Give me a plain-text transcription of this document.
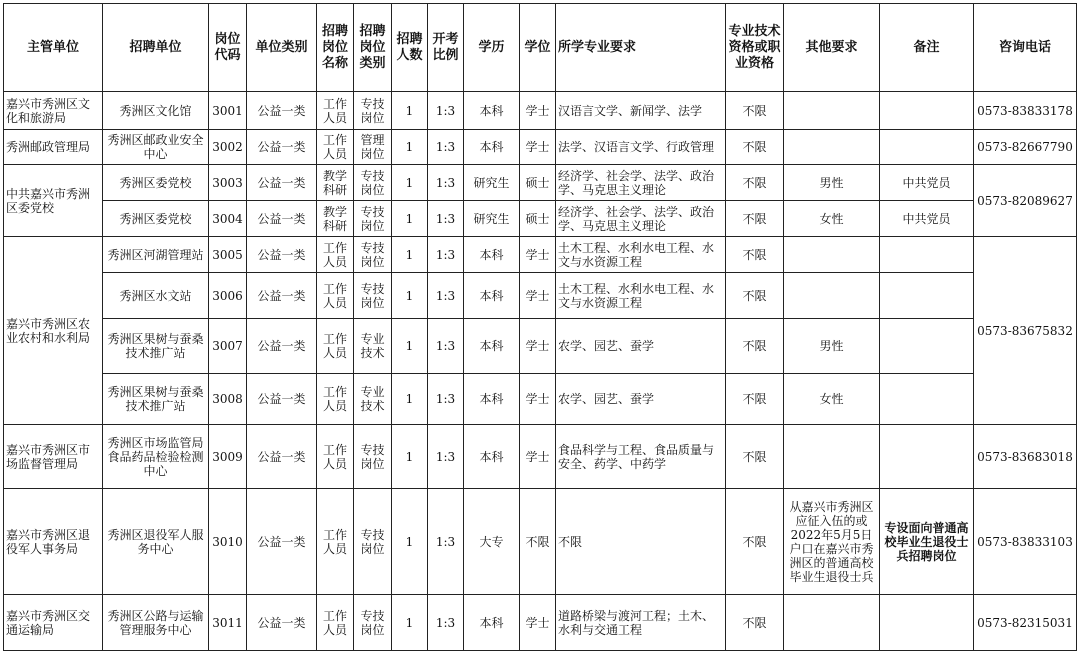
主管单位	招聘单位	岗位代码	单位类别	招聘岗位名称	招聘岗位类别	招聘人数	开考比例	学历	学位	所学专业要求	专业技术资格或职业资格	其他要求	备注	咨询电话
嘉兴市秀洲区文化和旅游局	秀洲区文化馆	3001	公益一类	工作人员	专技岗位	1	1:3	本科	学士	汉语言文学、新闻学、法学	不限			0573-83833178
秀洲邮政管理局	秀洲区邮政业安全中心	3002	公益一类	工作人员	管理岗位	1	1:3	本科	学士	法学、汉语言文学、行政管理	不限			0573-82667790
中共嘉兴市秀洲区委党校	秀洲区委党校	3003	公益一类	教学科研	专技岗位	1	1:3	研究生	硕士	经济学、社会学、法学、政治学、马克思主义理论	不限	男性	中共党员	0573-82089627
	秀洲区委党校	3004	公益一类	教学科研	专技岗位	1	1:3	研究生	硕士	经济学、社会学、法学、政治学、马克思主义理论	不限	女性	中共党员	
嘉兴市秀洲区农业农村和水利局	秀洲区河湖管理站	3005	公益一类	工作人员	专技岗位	1	1:3	本科	学士	土木工程、水利水电工程、水文与水资源工程	不限			0573-83675832
	秀洲区水文站	3006	公益一类	工作人员	专技岗位	1	1:3	本科	学士	土木工程、水利水电工程、水文与水资源工程	不限			
	秀洲区果树与蚕桑技术推广站	3007	公益一类	工作人员	专业技术	1	1:3	本科	学士	农学、园艺、蚕学	不限	男性		
	秀洲区果树与蚕桑技术推广站	3008	公益一类	工作人员	专业技术	1	1:3	本科	学士	农学、园艺、蚕学	不限	女性		
嘉兴市秀洲区市场监督管理局	秀洲区市场监管局食品药品检验检测中心	3009	公益一类	工作人员	专技岗位	1	1:3	本科	学士	食品科学与工程、食品质量与安全、药学、中药学	不限			0573-83683018
嘉兴市秀洲区退役军人事务局	秀洲区退役军人服务中心	3010	公益一类	工作人员	专技岗位	1	1:3	大专	不限	不限	不限	从嘉兴市秀洲区应征入伍的或2022年5月5日户口在嘉兴市秀洲区的普通高校毕业生退役士兵	专设面向普通高校毕业生退役士兵招聘岗位	0573-83833103
嘉兴市秀洲区交通运输局	秀洲区公路与运输管理服务中心	3011	公益一类	工作人员	专技岗位	1	1:3	本科	学士	道路桥梁与渡河工程；土木、水利与交通工程	不限			0573-82315031
